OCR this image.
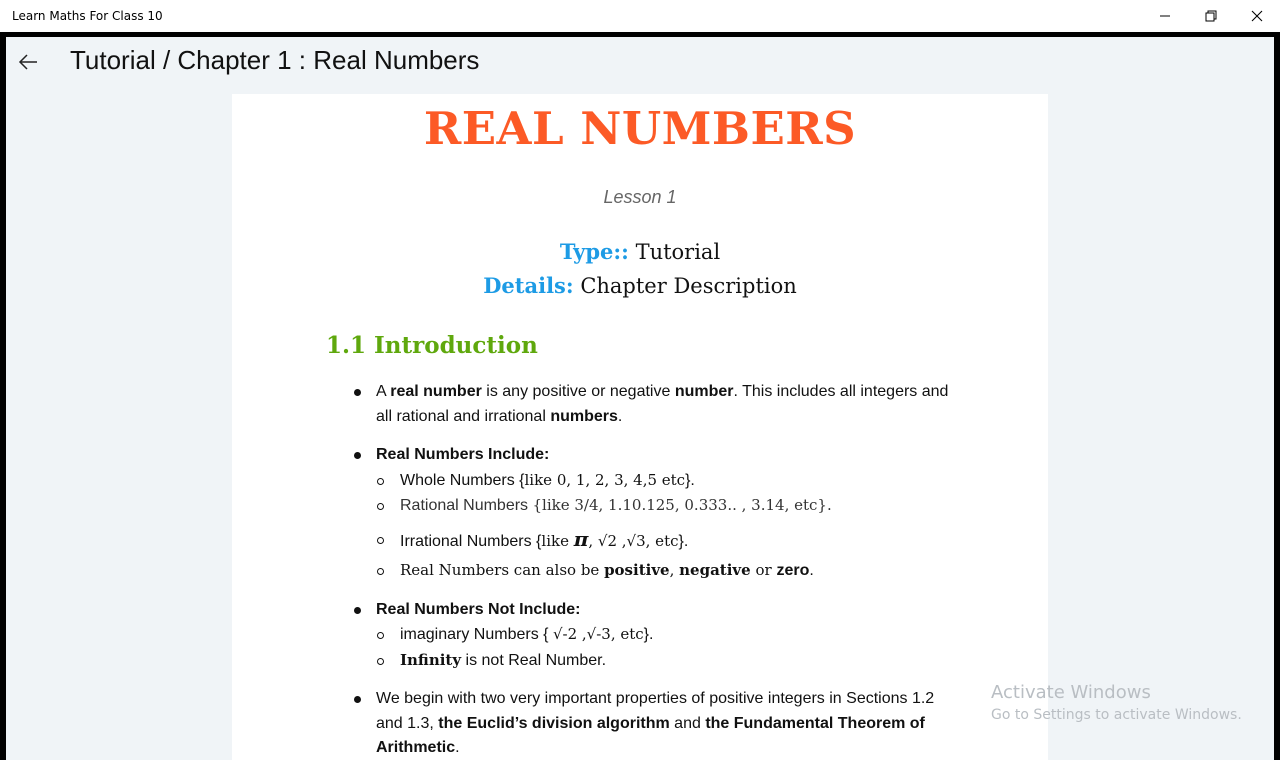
Learn Maths For Class 10
Tutorial / Chapter 1 : Real Numbers
REAL NUMBERS
Lesson 1
Type:: Tutorial
Details: Chapter Description
1.1 Introduction
A real number is any positive or negative number. This includes all integers and all rational and irrational numbers.
Real Numbers Include:
Whole Numbers {like 0, 1, 2, 3, 4,5 etc}.
Rational Numbers {like 3/4, 1.10.125, 0.333.. , 3.14, etc}.
Irrational Numbers {like π, √2 ,√3, etc}.
Real Numbers can also be positive, negative or zero.
Real Numbers Not Include:
imaginary Numbers { √-2 ,√-3, etc}.
Infinity is not Real Number.
We begin with two very important properties of positive integers in Sections 1.2 and 1.3, the Euclid’s division algorithm and the Fundamental Theorem of Arithmetic.
Activate Windows
Go to Settings to activate Windows.
